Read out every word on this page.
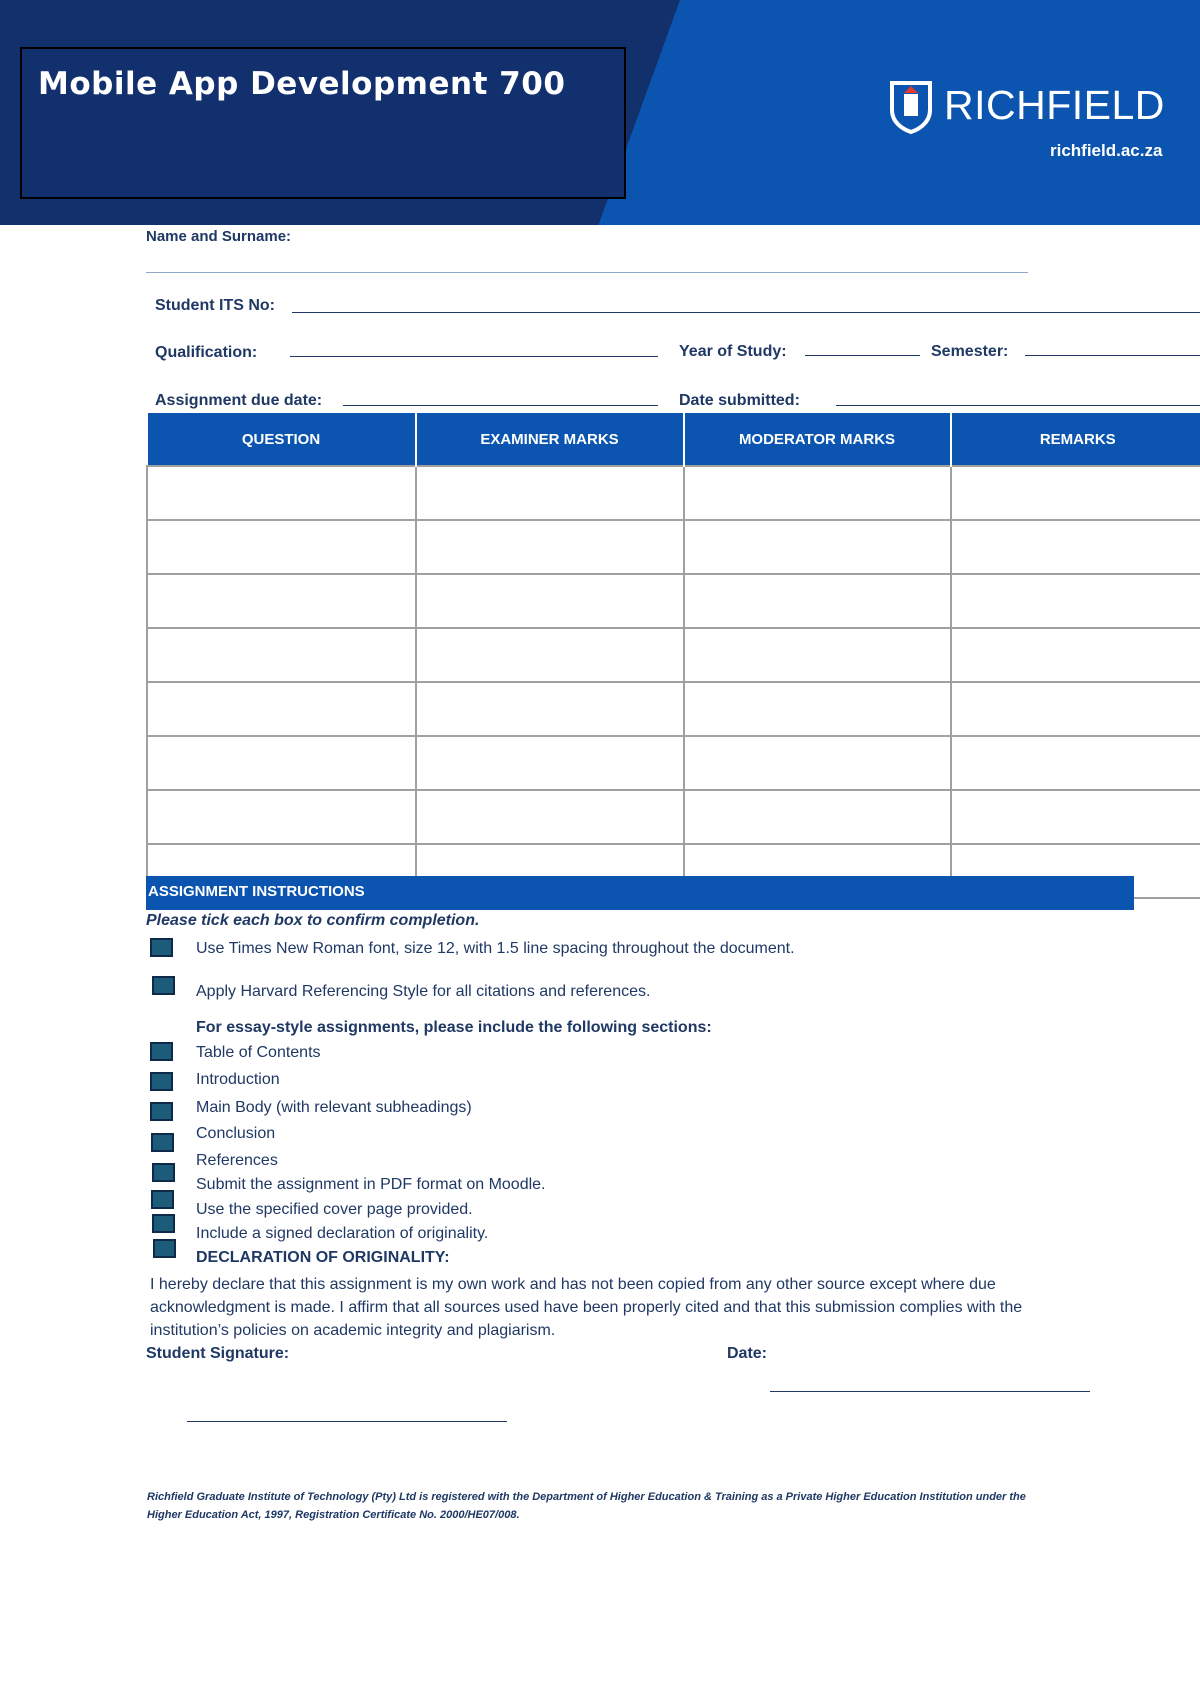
Mobile App Development 700	RICHFIELD
richfield.ac.za
Name and Surname:
Student ITS No:
Qualification:	Year of Study:	Semester:
Assignment due date:	Date submitted:
QUESTION	EXAMINER MARKS	MODERATOR MARKS	REMARKS

ASSIGNMENT INSTRUCTIONS
Please tick each box to confirm completion.
Use Times New Roman font, size 12, with 1.5 line spacing throughout the document.
Apply Harvard Referencing Style for all citations and references.
For essay-style assignments, please include the following sections:
Table of Contents
Introduction
Main Body (with relevant subheadings)
Conclusion
References
Submit the assignment in PDF format on Moodle.
Use the specified cover page provided.
Include a signed declaration of originality.
DECLARATION OF ORIGINALITY:
I hereby declare that this assignment is my own work and has not been copied from any other source except where due acknowledgment is made. I affirm that all sources used have been properly cited and that this submission complies with the institution’s policies on academic integrity and plagiarism.
Student Signature:	Date:
Richfield Graduate Institute of Technology (Pty) Ltd is registered with the Department of Higher Education & Training as a Private Higher Education Institution under the Higher Education Act, 1997, Registration Certificate No. 2000/HE07/008.
